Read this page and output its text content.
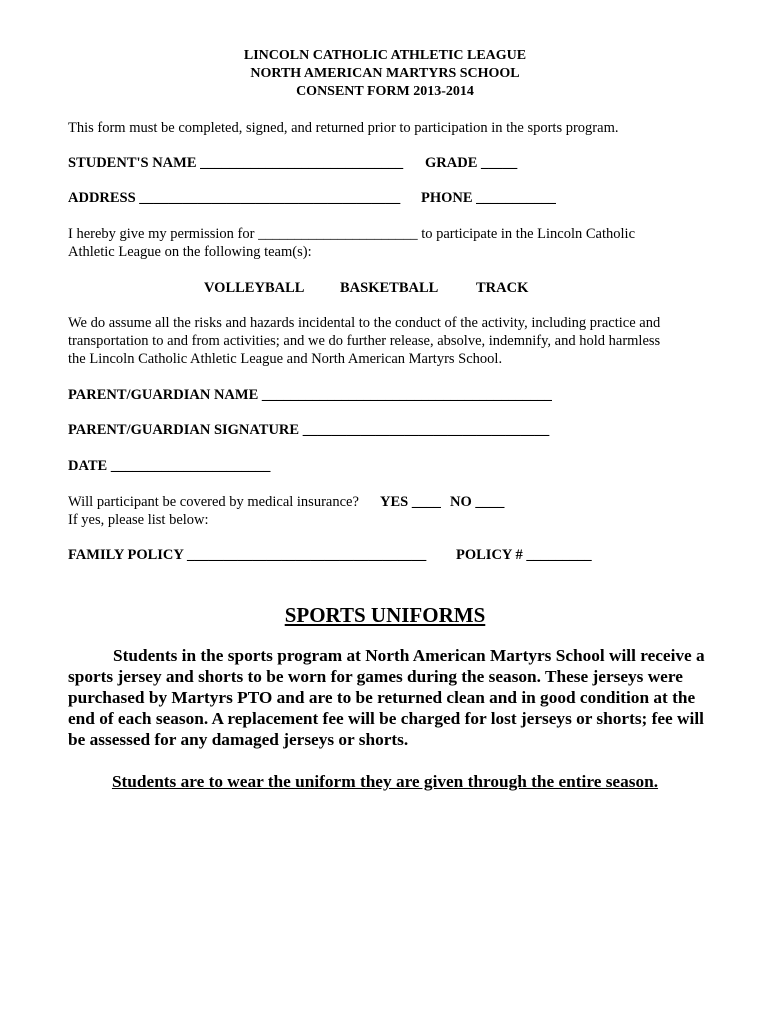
LINCOLN CATHOLIC ATHLETIC LEAGUE
NORTH AMERICAN MARTYRS SCHOOL
CONSENT FORM 2013-2014
This form must be completed, signed, and returned prior to participation in the sports program.
STUDENT'S NAME ____________________________ GRADE _____
ADDRESS ____________________________________ PHONE ___________
I hereby give my permission for ______________________ to participate in the Lincoln Catholic
Athletic League on the following team(s):
VOLLEYBALL BASKETBALL	TRACK
We do assume all the risks and hazards incidental to the conduct of the activity, including practice and
transportation to and from activities; and we do further release, absolve, indemnify, and hold harmless
the Lincoln Catholic Athletic League and North American Martyrs School.
PARENT/GUARDIAN NAME ________________________________________
PARENT/GUARDIAN SIGNATURE __________________________________
DATE ______________________
Will participant be covered by medical insurance? YES ____ NO ____
If yes, please list below:
FAMILY POLICY _________________________________ POLICY # _________
SPORTS UNIFORMS
Students in the sports program at North American Martyrs School will receive a sports jersey and shorts to be worn for games during the season. These jerseys were purchased by Martyrs PTO and are to be returned clean and in good condition at the end of each season. A replacement fee will be charged for lost jerseys or shorts; fee will be assessed for any damaged jerseys or shorts.
Students are to wear the uniform they are given through the entire season.
